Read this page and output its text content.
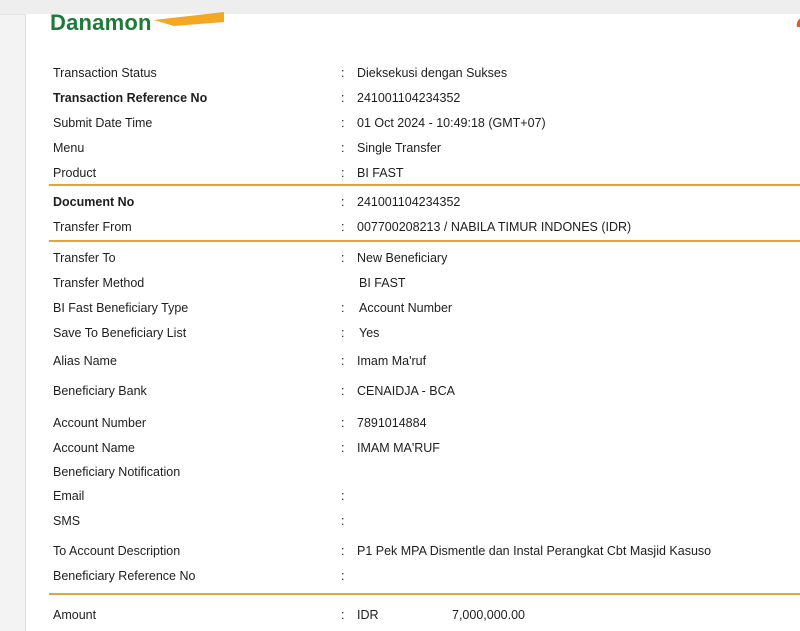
Danamon
Transaction Status	: Dieksekusi dengan Sukses
Transaction Reference No	: 241001104234352
Submit Date Time	: 01 Oct 2024 - 10:49:18 (GMT+07)
Menu	: Single Transfer
Product	: BI FAST
Document No	: 241001104234352
Transfer From	: 007700208213 / NABILA TIMUR INDONES (IDR)
Transfer To	: New Beneficiary
Transfer Method	BI FAST
BI Fast Beneficiary Type	: Account Number
Save To Beneficiary List	: Yes
Alias Name	: Imam Ma'ruf
Beneficiary Bank	: CENAIDJA - BCA
Account Number	: 7891014884
Account Name	: IMAM MA'RUF
Beneficiary Notification
Email	:
SMS	:
To Account Description	: P1 Pek MPA Dismentle dan Instal Perangkat Cbt Masjid Kasuso
Beneficiary Reference No	:
Amount	: IDR	7,000,000.00
